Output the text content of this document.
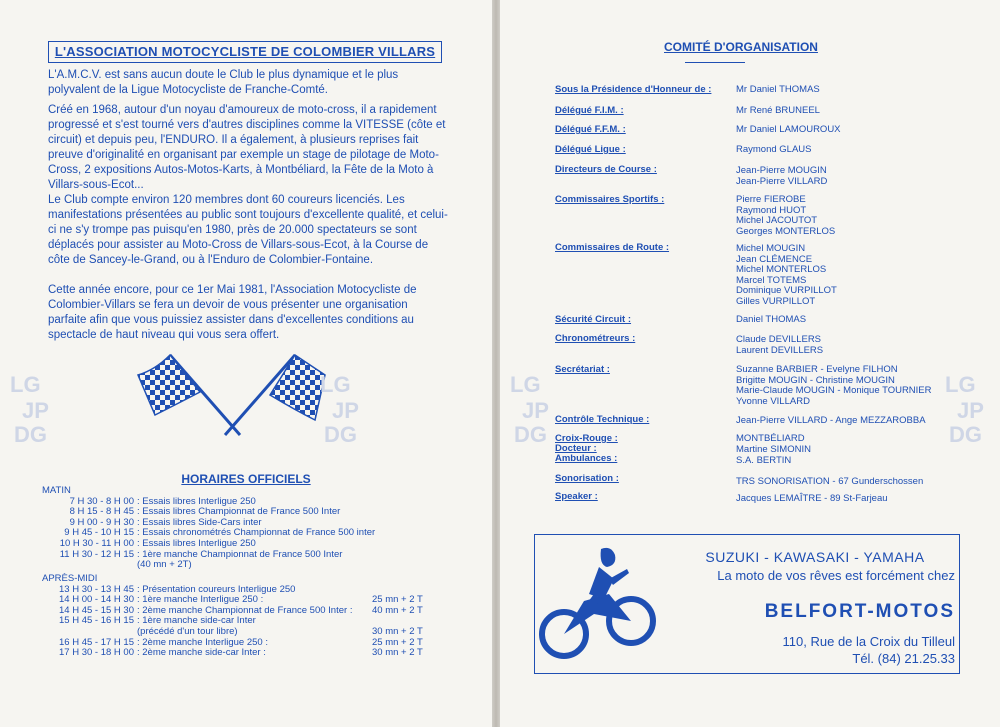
L'ASSOCIATION MOTOCYCLISTE DE COLOMBIER VILLARS

L'A.M.C.V. est sans aucun doute le Club le plus dynamique et le plus polyvalent de la Ligue Motocycliste de Franche-Comté.

Créé en 1968, autour d'un noyau d'amoureux de moto-cross, il a rapidement progressé et s'est tourné vers d'autres disciplines comme la VITESSE (côte et circuit) et depuis peu, l'ENDURO. Il a également, à plusieurs reprises fait preuve d'originalité en organisant par exemple un stage de pilotage de Moto-Cross, 2 expositions Autos-Motos-Karts, à Montbéliard, la Fête de la Moto à Villars-sous-Ecot...

Le Club compte environ 120 membres dont 60 coureurs licenciés. Les manifestations présentées au public sont toujours d'excellente qualité, et celui-ci ne s'y trompe pas puisqu'en 1980, près de 20.000 spectateurs se sont déplacés pour assister au Moto-Cross de Villars-sous-Ecot, à la Course de côte de Sancey-le-Grand, ou à l'Enduro de Colombier-Fontaine.

Cette année encore, pour ce 1er Mai 1981, l'Association Motocycliste de Colombier-Villars se fera un devoir de vous présenter une organisation parfaite afin que vous puissiez assister dans d'excellentes conditions au spectacle de haut niveau qui vous sera offert.

HORAIRES OFFICIELS
MATIN
7 H 30 - 8 H 00 : Essais libres Interligue 250
8 H 15 - 8 H 45 : Essais libres Championnat de France 500 Inter
9 H 00 - 9 H 30 : Essais libres Side-Cars inter
9 H 45 - 10 H 15 : Essais chronométrés Championnat de France 500 inter
10 H 30 - 11 H 00 : Essais libres Interligue 250
11 H 30 - 12 H 15 : 1ère manche Championnat de France 500 Inter
(40 mn + 2T)
APRÈS-MIDI
13 H 30 - 13 H 45 : Présentation coureurs Interligue 250
14 H 00 - 14 H 30 : 1ère manche Interligue 250 :	25 mn + 2 T
14 H 45 - 15 H 30 : 2ème manche Championnat de France 500 Inter : 40 mn + 2 T
15 H 45 - 16 H 15 : 1ère manche side-car Inter
(précédé d'un tour libre)	30 mn + 2 T
16 H 45 - 17 H 15 : 2ème manche Interligue 250 :	25 mn + 2 T
17 H 30 - 18 H 00 : 2ème manche side-car Inter :	30 mn + 2 T
LG
JP
DG
LG
JP
DG
COMITÉ D'ORGANISATION
Sous la Présidence d'Honneur de :	Mr Daniel THOMAS
Délégué F.I.M. :	Mr René BRUNEEL
Délégué F.F.M. :	Mr Daniel LAMOUROUX
Délégué Ligue :	Raymond GLAUS
Directeurs de Course :	Jean-Pierre MOUGIN
Jean-Pierre VILLARD
Commissaires Sportifs :	Pierre FIEROBE
Raymond HUOT
Michel JACOUTOT
Georges MONTERLOS
Commissaires de Route :	Michel MOUGIN
Jean CLÉMENCE
Michel MONTERLOS
Marcel TOTEMS
Dominique VURPILLOT
Gilles VURPILLOT
Sécurité Circuit :	Daniel THOMAS
Chronométreurs :	Claude DEVILLERS
Laurent DEVILLERS
Secrétariat :	Suzanne BARBIER - Evelyne FILHON
Brigitte MOUGIN - Christine MOUGIN
Marie-Claude MOUGIN - Monique TOURNIER
Yvonne VILLARD
Contrôle Technique :	Jean-Pierre VILLARD - Ange MEZZAROBBA
Croix-Rouge :	MONTBÉLIARD
Docteur :	Martine SIMONIN
Ambulances :	S.A. BERTIN
Sonorisation :	TRS SONORISATION - 67 Gunderschossen
Speaker :	Jacques LEMAÎTRE - 89 St-Farjeau
SUZUKI - KAWASAKI - YAMAHA
La moto de vos rêves est forcément chez
BELFORT-MOTOS
110, Rue de la Croix du Tilleul
Tél. (84) 21.25.33
LG
JP
DG
LG
JP
DG
